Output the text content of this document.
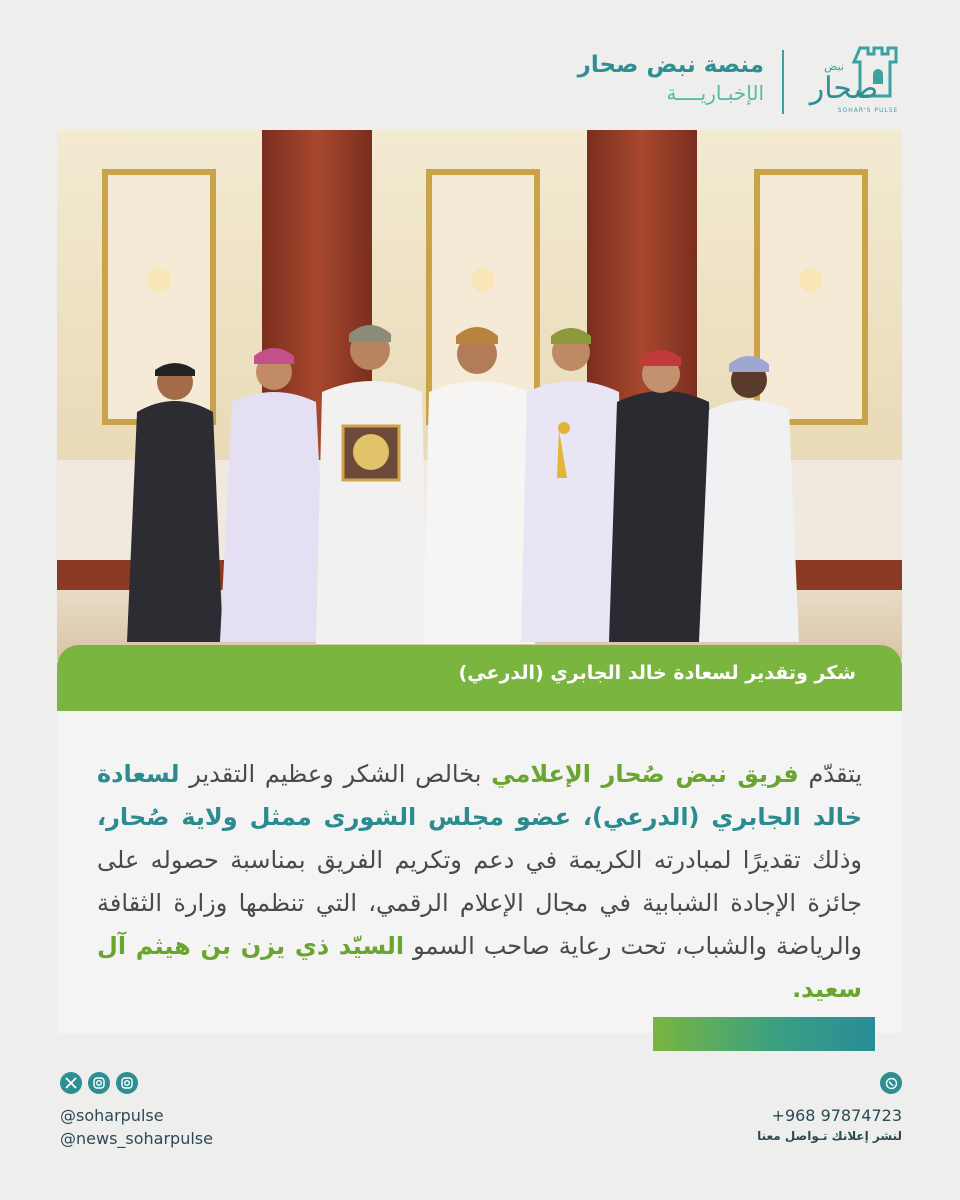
منصة نبض صحار
الإخبـاريــــة صحار
نبض
SOHAR'S PULSE
شكر وتقدير لسعادة خالد الجابري (الدرعي)

يتقدّم فريق نبض صُحار الإعلامي بخالص الشكر وعظيم التقدير لسعادة خالد الجابري (الدرعي)، عضو مجلس الشورى ممثل ولاية صُحار، وذلك تقديرًا لمبادرته الكريمة في دعم وتكريم الفريق بمناسبة حصوله على جائزة الإجادة الشبابية في مجال الإعلام الرقمي، التي تنظمها وزارة الثقافة والرياضة والشباب، تحت رعاية صاحب السمو السيّد ذي يزن بن هيثم آل سعيد.

@soharpulse
@news_soharpulse
+968 97874723
لنشر إعلانك تـواصل معنا
